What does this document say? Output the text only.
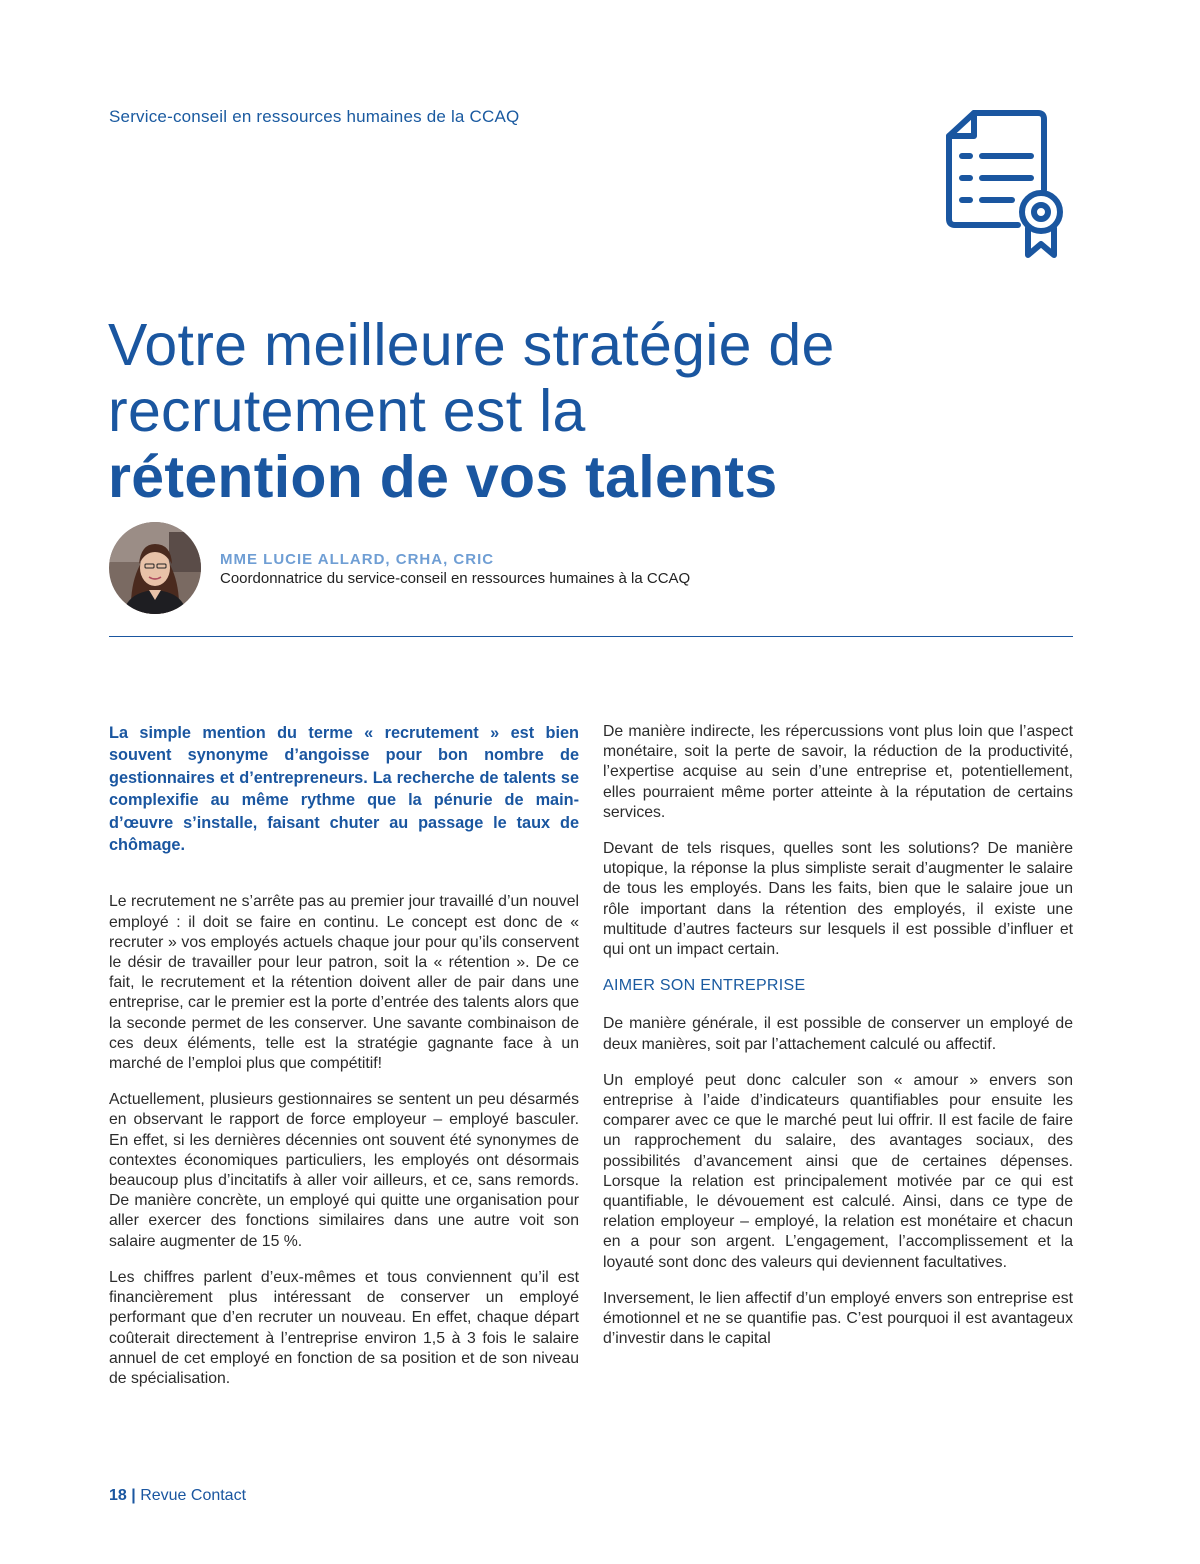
Service-conseil en ressources humaines de la CCAQ
Votre meilleure stratégie de
recrutement est la
rétention de vos talents
MME LUCIE ALLARD, CRHA, CRIC
Coordonnatrice du service-conseil en ressources humaines à la CCAQ

La simple mention du terme « recrutement » est bien souvent synonyme d’angoisse pour bon nombre de gestionnaires et d’entrepreneurs. La recherche de talents se complexifie au même rythme que la pénurie de main-d’œuvre s’installe, faisant chuter au passage le taux de chômage.

Le recrutement ne s’arrête pas au premier jour travaillé d’un nouvel employé : il doit se faire en continu. Le concept est donc de « recruter » vos employés actuels chaque jour pour qu’ils conservent le désir de travailler pour leur patron, soit la « rétention ». De ce fait, le recrutement et la rétention doivent aller de pair dans une entreprise, car le premier est la porte d’entrée des talents alors que la seconde permet de les conserver. Une savante combinaison de ces deux éléments, telle est la stratégie gagnante face à un marché de l’emploi plus que compétitif!

Actuellement, plusieurs gestionnaires se sentent un peu désarmés en observant le rapport de force employeur – employé basculer. En effet, si les dernières décennies ont souvent été synonymes de contextes économiques particuliers, les employés ont désormais beaucoup plus d’incitatifs à aller voir ailleurs, et ce, sans remords. De manière concrète, un employé qui quitte une organisation pour aller exercer des fonctions similaires dans une autre voit son salaire augmenter de 15 %.

Les chiffres parlent d’eux-mêmes et tous conviennent qu’il est financièrement plus intéressant de conserver un employé performant que d’en recruter un nouveau. En effet, chaque départ coûterait directement à l’entreprise environ 1,5 à 3 fois le salaire annuel de cet employé en fonction de sa position et de son niveau de spécialisation.

De manière indirecte, les répercussions vont plus loin que l’aspect monétaire, soit la perte de savoir, la réduction de la productivité, l’expertise acquise au sein d’une entreprise et, potentiellement, elles pourraient même porter atteinte à la réputation de certains services.

Devant de tels risques, quelles sont les solutions? De manière utopique, la réponse la plus simpliste serait d’augmenter le salaire de tous les employés. Dans les faits, bien que le salaire joue un rôle important dans la rétention des employés, il existe une multitude d’autres facteurs sur lesquels il est possible d’influer et qui ont un impact certain.

AIMER SON ENTREPRISE

De manière générale, il est possible de conserver un employé de deux manières, soit par l’attachement calculé ou affectif.

Un employé peut donc calculer son « amour » envers son entreprise à l’aide d’indicateurs quantifiables pour ensuite les comparer avec ce que le marché peut lui offrir. Il est facile de faire un rapprochement du salaire, des avantages sociaux, des possibilités d’avancement ainsi que de certaines dépenses. Lorsque la relation est principalement motivée par ce qui est quantifiable, le dévouement est calculé. Ainsi, dans ce type de relation employeur – employé, la relation est monétaire et chacun en a pour son argent. L’engagement, l’accomplissement et la loyauté sont donc des valeurs qui deviennent facultatives.

Inversement, le lien affectif d’un employé envers son entreprise est émotionnel et ne se quantifie pas. C’est pourquoi il est avantageux d’investir dans le capital

18 | Revue Contact
